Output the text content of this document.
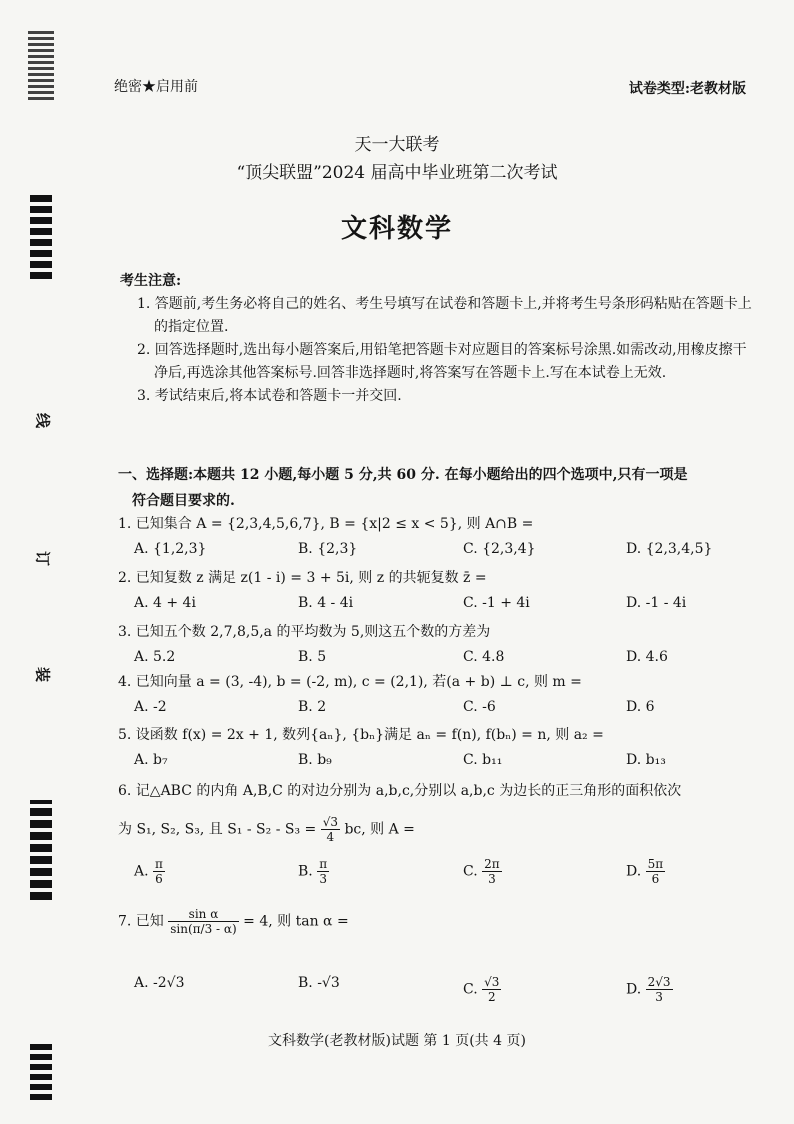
线
订
装
绝密★启用前	试卷类型:老教材版
天一大联考
“顶尖联盟”2024 届高中毕业班第二次考试
文科数学
考生注意:
1. 答题前,考生务必将自己的姓名、考生号填写在试卷和答题卡上,并将考生号条形码粘贴在答题卡上的指定位置.
2. 回答选择题时,选出每小题答案后,用铅笔把答题卡对应题目的答案标号涂黑.如需改动,用橡皮擦干净后,再选涂其他答案标号.回答非选择题时,将答案写在答题卡上.写在本试卷上无效.
3. 考试结束后,将本试卷和答题卡一并交回.
一、选择题:本题共 12 小题,每小题 5 分,共 60 分. 在每小题给出的四个选项中,只有一项是
符合题目要求的.
1. 已知集合 A = {2,3,4,5,6,7}, B = {x|2 ≤ x < 5}, 则 A∩B =
A. {1,2,3}	B. {2,3}	C. {2,3,4}	D. {2,3,4,5}
2. 已知复数 z 满足 z(1 - i) = 3 + 5i, 则 z 的共轭复数 z̄ =
A. 4 + 4i	B. 4 - 4i	C. -1 + 4i	D. -1 - 4i
3. 已知五个数 2,7,8,5,a 的平均数为 5,则这五个数的方差为
A. 5.2	B. 5	C. 4.8	D. 4.6
4. 已知向量 a = (3, -4), b = (-2, m), c = (2,1), 若(a + b) ⊥ c, 则 m =
A. -2	B. 2	C. -6	D. 6
5. 设函数 f(x) = 2x + 1, 数列{aₙ}, {bₙ}满足 aₙ = f(n), f(bₙ) = n, 则 a₂ =
A. b₇	B. b₉	C. b₁₁	D. b₁₃
6. 记△ABC 的内角 A,B,C 的对边分别为 a,b,c,分别以 a,b,c 为边长的正三角形的面积依次
为 S₁, S₂, S₃, 且 $S_1 - S_2 - S_3 = \frac{√3}{4}$ bc, 则 A =
A. $\frac{\pi}{6}$	B. $\frac{\pi}{3}$	C. $\frac{2\pi}{3}$	D. $\frac{5\pi}{6}$
7. 已知 $\frac{\text{sin α}}{\sin(\pi/3 - \alpha)} = 4$, 则 tan α =
A. -2√3	B. -√3	C. $\frac{√3}{2}$	D. $\frac{2√3}{3}$
文科数学(老教材版)试题 第 1 页(共 4 页)
